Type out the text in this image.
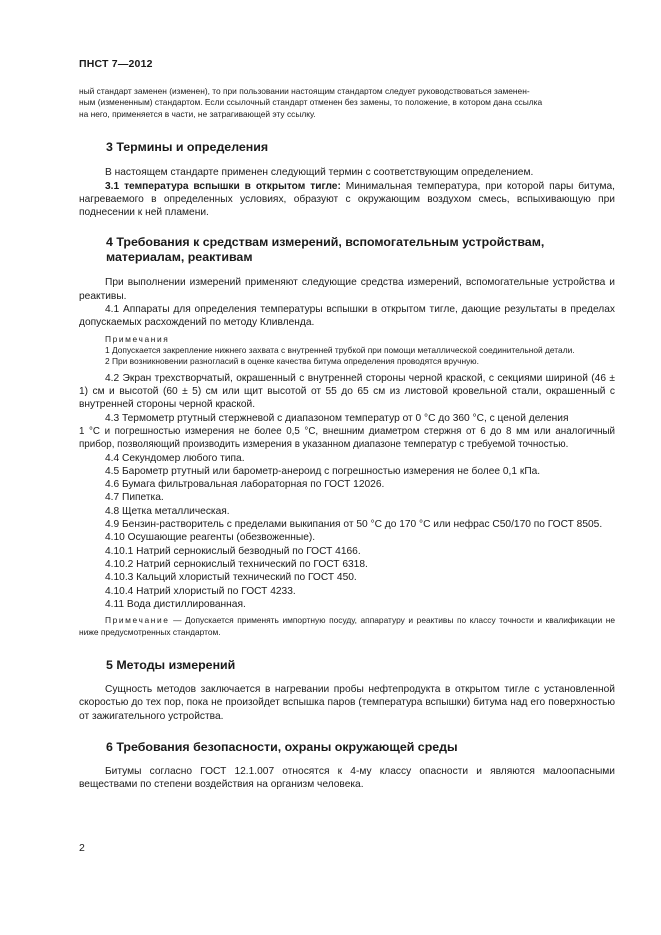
ПНСТ 7—2012

ный стандарт заменен (изменен), то при пользовании настоящим стандартом следует руководствоваться заменен-

ным (измененным) стандартом. Если ссылочный стандарт отменен без замены, то положение, в котором дана ссылка

на него, применяется в части, не затрагивающей эту ссылку.

3 Термины и определения

В настоящем стандарте применен следующий термин с соответствующим определением.

3.1 температура вспышки в открытом тигле: Минимальная температура, при которой пары битума, нагреваемого в определенных условиях, образуют с окружающим воздухом смесь, вспыхивающую при поднесении к ней пламени.

4 Требования к средствам измерений, вспомогательным устройствам,
материалам, реактивам

При выполнении измерений применяют следующие средства измерений, вспомогательные устройства и реактивы.

4.1 Аппараты для определения температуры вспышки в открытом тигле, дающие результаты в пределах допускаемых расхождений по методу Кливленда.

Примечания

1 Допускается закрепление нижнего захвата с внутренней трубкой при помощи металлической соединительной детали.

2 При возникновении разногласий в оценке качества битума определения проводятся вручную.

4.2 Экран трехстворчатый, окрашенный с внутренней стороны черной краской, с секциями шириной (46 ± 1) см и высотой (60 ± 5) см или щит высотой от 55 до 65 см из листовой кровельной стали, окрашенный с внутренней стороны черной краской.

4.3 Термометр ртутный стержневой с диапазоном температур от 0 °С до 360 °С, с ценой деления

1 °С и погрешностью измерения не более 0,5 °С, внешним диаметром стержня от 6 до 8 мм или аналогичный прибор, позволяющий производить измерения в указанном диапазоне температур с требуемой точностью.

4.4 Секундомер любого типа.

4.5 Барометр ртутный или барометр-анероид с погрешностью измерения не более 0,1 кПа.

4.6 Бумага фильтровальная лабораторная по ГОСТ 12026.

4.7 Пипетка.

4.8 Щетка металлическая.

4.9 Бензин-растворитель с пределами выкипания от 50 °С до 170 °С или нефрас С50/170 по ГОСТ 8505.

4.10 Осушающие реагенты (обезвоженные).

4.10.1 Натрий сернокислый безводный по ГОСТ 4166.

4.10.2 Натрий сернокислый технический по ГОСТ 6318.

4.10.3 Кальций хлористый технический по ГОСТ 450.

4.10.4 Натрий хлористый по ГОСТ 4233.

4.11 Вода дистиллированная.

Примечание — Допускается применять импортную посуду, аппаратуру и реактивы по классу точности и квалификации не ниже предусмотренных стандартом.

5 Методы измерений

Сущность методов заключается в нагревании пробы нефтепродукта в открытом тигле с установленной скоростью до тех пор, пока не произойдет вспышка паров (температура вспышки) битума над его поверхностью от зажигательного устройства.

6 Требования безопасности, охраны окружающей среды

Битумы согласно ГОСТ 12.1.007 относятся к 4-му классу опасности и являются малоопасными веществами по степени воздействия на организм человека.

2
